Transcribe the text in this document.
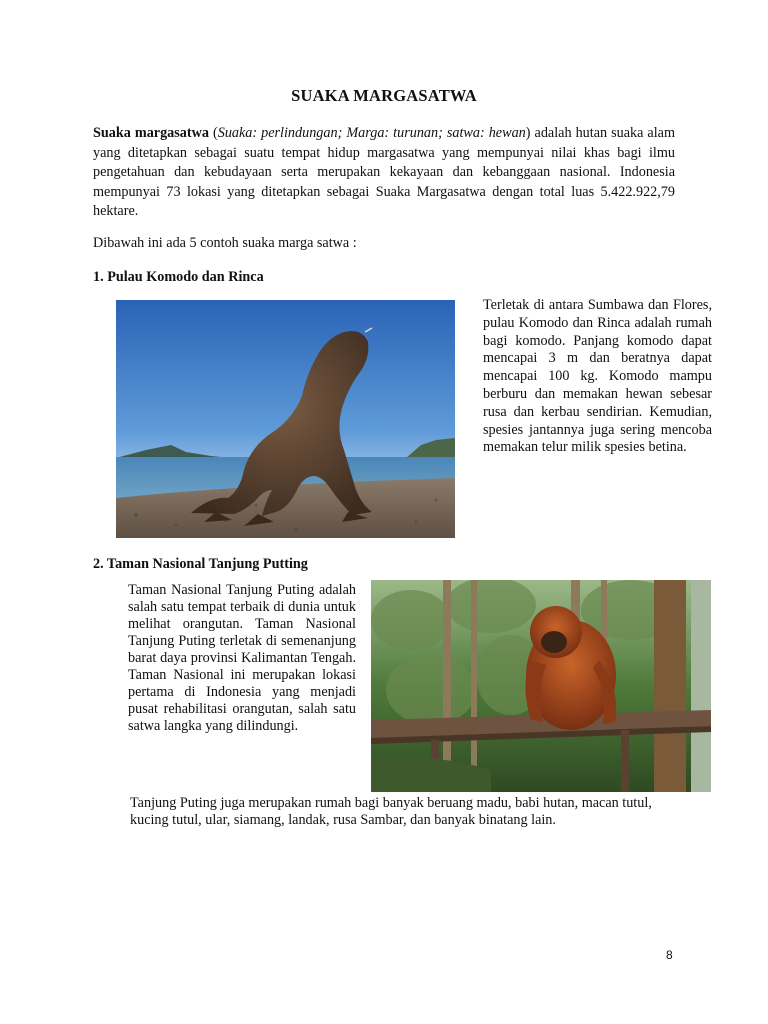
SUAKA MARGASATWA
Suaka margasatwa (Suaka: perlindungan; Marga: turunan; satwa: hewan) adalah hutan suaka alam yang ditetapkan sebagai suatu tempat hidup margasatwa yang mempunyai nilai khas bagi ilmu pengetahuan dan kebudayaan serta merupakan kekayaan dan kebanggaan nasional. Indonesia mempunyai 73 lokasi yang ditetapkan sebagai Suaka Margasatwa dengan total luas 5.422.922,79 hektare.
Dibawah ini ada 5 contoh suaka marga satwa :
1. Pulau Komodo dan Rinca
Terletak di antara Sumbawa dan Flores, pulau Komodo dan Rinca adalah rumah bagi komodo. Panjang komodo dapat mencapai 3 m dan beratnya dapat mencapai 100 kg. Komodo mampu berburu dan memakan hewan sebesar rusa dan kerbau sendirian. Kemudian, spesies jantannya juga sering mencoba memakan telur milik spesies betina.
2. Taman Nasional Tanjung Putting
Taman Nasional Tanjung Puting adalah salah satu tempat terbaik di dunia untuk melihat orangutan. Taman Nasional Tanjung Puting terletak di semenanjung barat daya provinsi Kalimantan Tengah. Taman Nasional ini merupakan lokasi pertama di Indonesia yang menjadi pusat rehabilitasi orangutan, salah satu satwa langka yang dilindungi.
Tanjung Puting juga merupakan rumah bagi banyak beruang madu, babi hutan, macan tutul, kucing tutul, ular, siamang, landak, rusa Sambar, dan banyak binatang lain.
8
